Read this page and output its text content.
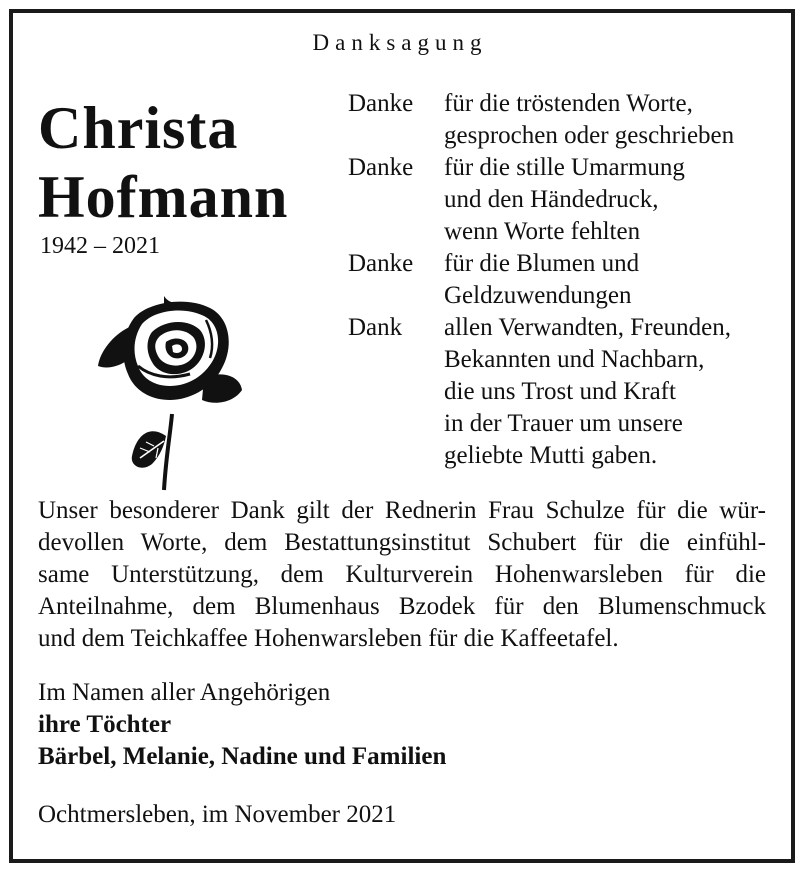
Danksagung
Christa
Hofmann
1942 – 2021
Danke	für die tröstenden Worte,
gesprochen oder geschrieben
Danke	für die stille Umarmung
und den Händedruck,
wenn Worte fehlten
Danke	für die Blumen und
Geldzuwendungen
Dank	allen Verwandten, Freunden,
Bekannten und Nachbarn,
die uns Trost und Kraft
in der Trauer um unsere
geliebte Mutti gaben.
Unser besonderer Dank gilt der Rednerin Frau Schulze für die wür-
devollen Worte, dem Bestattungsinstitut Schubert für die einfühl-
same Unterstützung, dem Kulturverein Hohenwarsleben für die
Anteilnahme, dem Blumenhaus Bzodek für den Blumenschmuck
und dem Teichkaffee Hohenwarsleben für die Kaffeetafel.
Im Namen aller Angehörigen
ihre Töchter
Bärbel, Melanie, Nadine und Familien
Ochtmersleben, im November 2021
